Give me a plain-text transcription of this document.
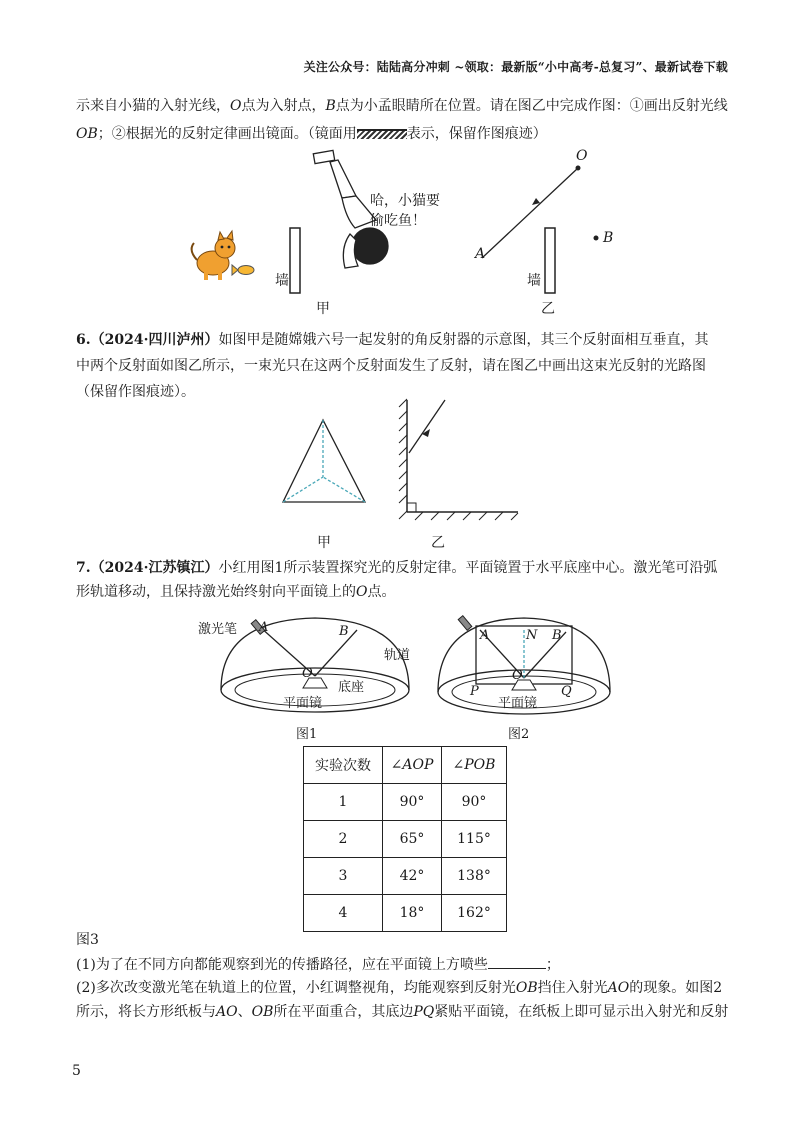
关注公众号：陆陆高分冲刺 ~领取：最新版“小中高考-总复习”、最新试卷下载
示来自小猫的入射光线，O点为入射点，B点为小孟眼睛所在位置。请在图乙中完成作图：①画出反射光线
OB；②根据光的反射定律画出镜面。（镜面用	表示，保留作图痕迹）
哈，小猫要
偷吃鱼！
墙	墙
O
A
B
甲	乙
6.（2024·四川泸州）如图甲是随嫦娥六号一起发射的角反射器的示意图，其三个反射面相互垂直，其
中两个反射面如图乙所示，一束光只在这两个反射面发生了反射，请在图乙中画出这束光反射的光路图
（保留作图痕迹）。
甲	乙
7.（2024·江苏镇江）小红用图1所示装置探究光的反射定律。平面镜置于水平底座中心。激光笔可沿弧
形轨道移动，且保持激光始终射向平面镜上的O点。
激光笔 A	B
O
轨道
底座
平面镜
图1
A	N B
O
P	Q
平面镜
图2
实验次数	∠AOP	∠POB
1	90°	90°
2	65°	115°
3	42°	138°
4	18°	162°
图3
(1)为了在不同方向都能观察到光的传播路径，应在平面镜上方喷些	；
(2)多次改变激光笔在轨道上的位置，小红调整视角，均能观察到反射光OB挡住入射光AO的现象。如图2
所示，将长方形纸板与AO、OB所在平面重合，其底边PQ紧贴平面镜，在纸板上即可显示出入射光和反射
5
